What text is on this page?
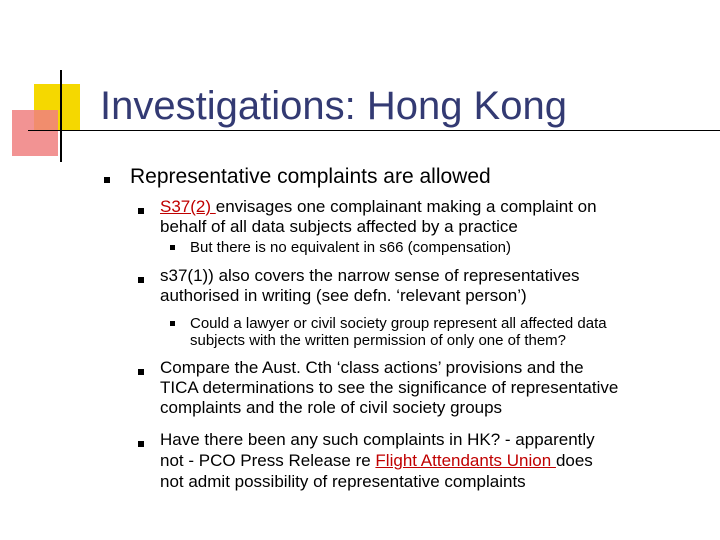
Investigations: Hong Kong
Representative complaints are allowed
S37(2) envisages one complainant making a complaint on
behalf of all data subjects affected by a practice
But there is no equivalent in s66 (compensation)
s37(1)) also covers the narrow sense of representatives
authorised in writing (see defn. ‘relevant person’)
Could a lawyer or civil society group represent all affected data
subjects with the written permission of only one of them?
Compare the Aust. Cth ‘class actions’ provisions and the
TICA determinations to see the significance of representative
complaints and the role of civil society groups
Have there been any such complaints in HK? - apparently
not - PCO Press Release re Flight Attendants Union does
not admit possibility of representative complaints
